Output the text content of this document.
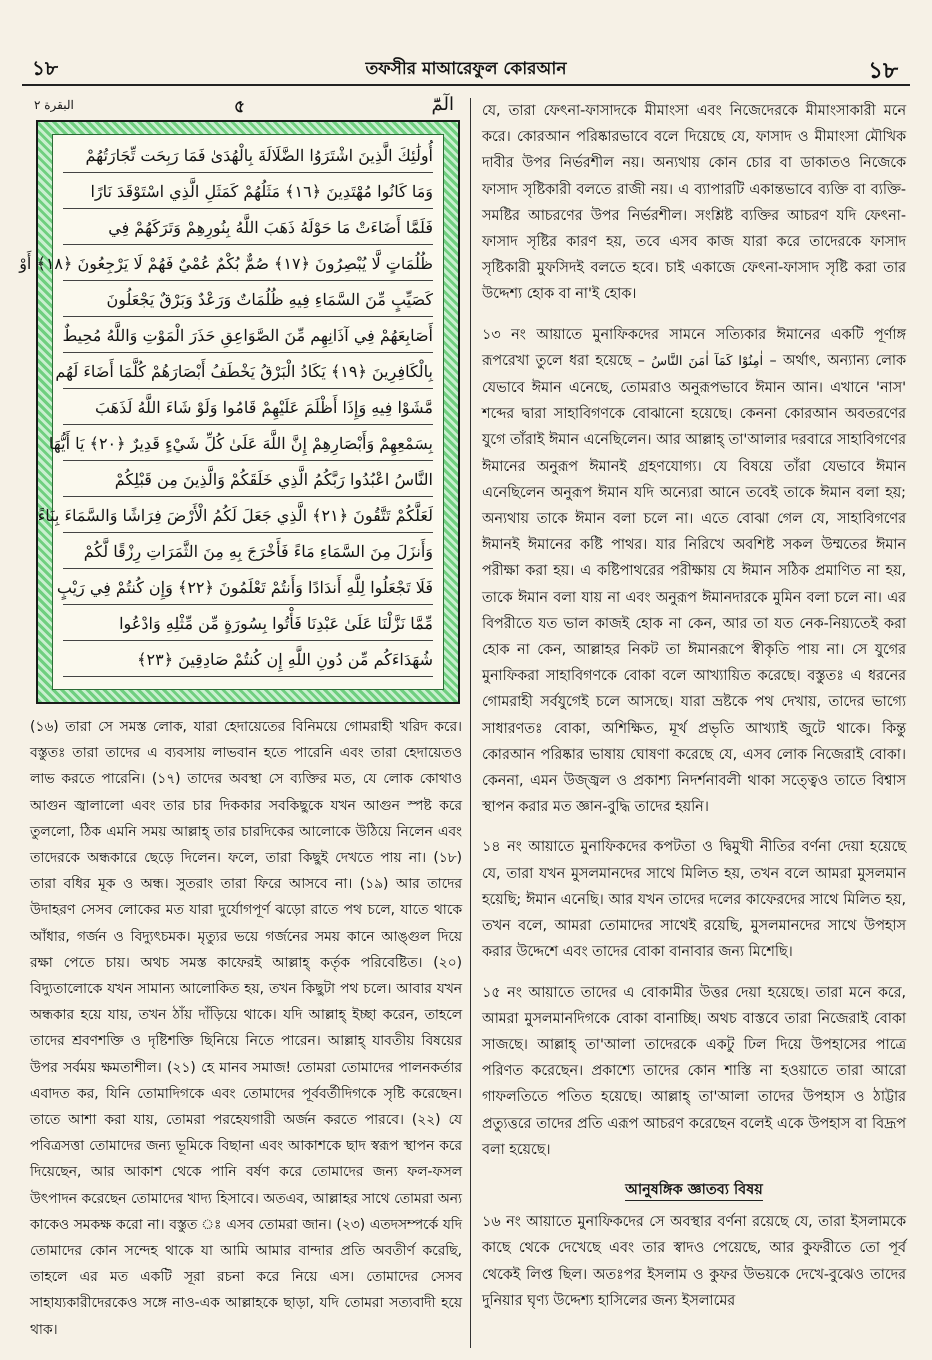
১৮	তফসীর মাআরেফুল কোরআন	১৮
البقرة ٢	৫	الٓمّٓ
أُولَٰئِكَ الَّذِينَ اشْتَرَوُا الضَّلَالَةَ بِالْهُدَىٰ فَمَا رَبِحَت تِّجَارَتُهُمْ
وَمَا كَانُوا مُهْتَدِينَ ﴿١٦﴾ مَثَلُهُمْ كَمَثَلِ الَّذِي اسْتَوْقَدَ نَارًا
فَلَمَّا أَضَاءَتْ مَا حَوْلَهُ ذَهَبَ اللَّهُ بِنُورِهِمْ وَتَرَكَهُمْ فِي
ظُلُمَاتٍ لَّا يُبْصِرُونَ ﴿١٧﴾ صُمٌّ بُكْمٌ عُمْيٌ فَهُمْ لَا يَرْجِعُونَ ﴿١٨﴾ أَوْ
كَصَيِّبٍ مِّنَ السَّمَاءِ فِيهِ ظُلُمَاتٌ وَرَعْدٌ وَبَرْقٌ يَجْعَلُونَ
أَصَابِعَهُمْ فِي آذَانِهِم مِّنَ الصَّوَاعِقِ حَذَرَ الْمَوْتِ وَاللَّهُ مُحِيطٌ
بِالْكَافِرِينَ ﴿١٩﴾ يَكَادُ الْبَرْقُ يَخْطَفُ أَبْصَارَهُمْ كُلَّمَا أَضَاءَ لَهُم
مَّشَوْا فِيهِ وَإِذَا أَظْلَمَ عَلَيْهِمْ قَامُوا وَلَوْ شَاءَ اللَّهُ لَذَهَبَ
بِسَمْعِهِمْ وَأَبْصَارِهِمْ إِنَّ اللَّهَ عَلَىٰ كُلِّ شَيْءٍ قَدِيرٌ ﴿٢٠﴾ يَا أَيُّهَا
النَّاسُ اعْبُدُوا رَبَّكُمُ الَّذِي خَلَقَكُمْ وَالَّذِينَ مِن قَبْلِكُمْ
لَعَلَّكُمْ تَتَّقُونَ ﴿٢١﴾ الَّذِي جَعَلَ لَكُمُ الْأَرْضَ فِرَاشًا وَالسَّمَاءَ بِنَاءً
وَأَنزَلَ مِنَ السَّمَاءِ مَاءً فَأَخْرَجَ بِهِ مِنَ الثَّمَرَاتِ رِزْقًا لَّكُمْ
فَلَا تَجْعَلُوا لِلَّهِ أَندَادًا وَأَنتُمْ تَعْلَمُونَ ﴿٢٢﴾ وَإِن كُنتُمْ فِي رَيْبٍ
مِّمَّا نَزَّلْنَا عَلَىٰ عَبْدِنَا فَأْتُوا بِسُورَةٍ مِّن مِّثْلِهِ وَادْعُوا
شُهَدَاءَكُم مِّن دُونِ اللَّهِ إِن كُنتُمْ صَادِقِينَ ﴿٢٣﴾

(১৬) তারা সে সমস্ত লোক, যারা হেদায়েতের বিনিময়ে গোমরাহী খরিদ করে। বস্তুতঃ তারা তাদের এ ব্যবসায় লাভবান হতে পারেনি এবং তারা হেদায়েতও লাভ করতে পারেনি। (১৭) তাদের অবস্থা সে ব্যক্তির মত, যে লোক কোথাও আগুন জ্বালালো এবং তার চার দিককার সবকিছুকে যখন আগুন স্পষ্ট করে তুললো, ঠিক এমনি সময় আল্লাহ্ তার চারদিকের আলোকে উঠিয়ে নিলেন এবং তাদেরকে অন্ধকারে ছেড়ে দিলেন। ফলে, তারা কিছুই দেখতে পায় না। (১৮) তারা বধির মূক ও অন্ধ। সুতরাং তারা ফিরে আসবে না। (১৯) আর তাদের উদাহরণ সেসব লোকের মত যারা দুর্যোগপূর্ণ ঝড়ো রাতে পথ চলে, যাতে থাকে আঁধার, গর্জন ও বিদ্যুৎচমক। মৃত্যুর ভয়ে গর্জনের সময় কানে আঙ্গুল দিয়ে রক্ষা পেতে চায়। অথচ সমস্ত কাফেরই আল্লাহ্ কর্তৃক পরিবেষ্টিত। (২০) বিদ্যুতালোকে যখন সামান্য আলোকিত হয়, তখন কিছুটা পথ চলে। আবার যখন অন্ধকার হয়ে যায়, তখন ঠাঁয় দাঁড়িয়ে থাকে। যদি আল্লাহ্ ইচ্ছা করেন, তাহলে তাদের শ্রবণশক্তি ও দৃষ্টিশক্তি ছিনিয়ে নিতে পারেন। আল্লাহ্ যাবতীয় বিষয়ের উপর সর্বময় ক্ষমতাশীল। (২১) হে মানব সমাজ! তোমরা তোমাদের পালনকর্তার এবাদত কর, যিনি তোমাদিগকে এবং তোমাদের পূর্ববর্তীদিগকে সৃষ্টি করেছেন। তাতে আশা করা যায়, তোমরা পরহেযগারী অর্জন করতে পারবে। (২২) যে পবিত্রসত্তা তোমাদের জন্য ভূমিকে বিছানা এবং আকাশকে ছাদ স্বরূপ স্থাপন করে দিয়েছেন, আর আকাশ থেকে পানি বর্ষণ করে তোমাদের জন্য ফল-ফসল উৎপাদন করেছেন তোমাদের খাদ্য হিসাবে। অতএব, আল্লাহর সাথে তোমরা অন্য কাকেও সমকক্ষ করো না। বস্তুত ঃ এসব তোমরা জান। (২৩) এতদসম্পর্কে যদি তোমাদের কোন সন্দেহ থাকে যা আমি আমার বান্দার প্রতি অবতীর্ণ করেছি, তাহলে এর মত একটি সূরা রচনা করে নিয়ে এস। তোমাদের সেসব সাহায্যকারীদেরকেও সঙ্গে নাও-এক আল্লাহকে ছাড়া, যদি তোমরা সত্যবাদী হয়ে থাক।

যে, তারা ফেৎনা-ফাসাদকে মীমাংসা এবং নিজেদেরকে মীমাংসাকারী মনে করে। কোরআন পরিষ্কারভাবে বলে দিয়েছে যে, ফাসাদ ও মীমাংসা মৌখিক দাবীর উপর নির্ভরশীল নয়। অন্যথায় কোন চোর বা ডাকাতও নিজেকে ফাসাদ সৃষ্টিকারী বলতে রাজী নয়। এ ব্যাপারটি একান্তভাবে ব্যক্তি বা ব্যক্তি-সমষ্টির আচরণের উপর নির্ভরশীল। সংশ্লিষ্ট ব্যক্তির আচরণ যদি ফেৎনা-ফাসাদ সৃষ্টির কারণ হয়, তবে এসব কাজ যারা করে তাদেরকে ফাসাদ সৃষ্টিকারী মুফসিদই বলতে হবে। চাই একাজে ফেৎনা-ফাসাদ সৃষ্টি করা তার উদ্দেশ্য হোক বা না'ই হোক।

১৩ নং আয়াতে মুনাফিকদের সামনে সত্যিকার ঈমানের একটি পূর্ণাঙ্গ রূপরেখা তুলে ধরা হয়েছে – اٰمِنُوْا كَمَآ اٰمَنَ النَّاسُ – অর্থাৎ, অন্যান্য লোক যেভাবে ঈমান এনেছে, তোমরাও অনুরূপভাবে ঈমান আন। এখানে 'নাস' শব্দের দ্বারা সাহাবিগণকে বোঝানো হয়েছে। কেননা কোরআন অবতরণের যুগে তাঁরাই ঈমান এনেছিলেন। আর আল্লাহ্ তা'আলার দরবারে সাহাবিগণের ঈমানের অনুরূপ ঈমানই গ্রহণযোগ্য। যে বিষয়ে তাঁরা যেভাবে ঈমান এনেছিলেন অনুরূপ ঈমান যদি অন্যেরা আনে তবেই তাকে ঈমান বলা হয়; অন্যথায় তাকে ঈমান বলা চলে না। এতে বোঝা গেল যে, সাহাবিগণের ঈমানই ঈমানের কষ্টি পাথর। যার নিরিখে অবশিষ্ট সকল উম্মতের ঈমান পরীক্ষা করা হয়। এ কষ্টিপাথরের পরীক্ষায় যে ঈমান সঠিক প্রমাণিত না হয়, তাকে ঈমান বলা যায় না এবং অনুরূপ ঈমানদারকে মুমিন বলা চলে না। এর বিপরীতে যত ভাল কাজই হোক না কেন, আর তা যত নেক-নিয়্যতেই করা হোক না কেন, আল্লাহর নিকট তা ঈমানরূপে স্বীকৃতি পায় না। সে যুগের মুনাফিকরা সাহাবিগণকে বোকা বলে আখ্যায়িত করেছে। বস্তুতঃ এ ধরনের গোমরাহী সর্বযুগেই চলে আসছে। যারা ভ্রষ্টকে পথ দেখায়, তাদের ভাগ্যে সাধারণতঃ বোকা, অশিক্ষিত, মূর্খ প্রভৃতি আখ্যাই জুটে থাকে। কিন্তু কোরআন পরিষ্কার ভাষায় ঘোষণা করেছে যে, এসব লোক নিজেরাই বোকা। কেননা, এমন উজ্জ্বল ও প্রকাশ্য নিদর্শনাবলী থাকা সত্ত্বেও তাতে বিশ্বাস স্থাপন করার মত জ্ঞান-বুদ্ধি তাদের হয়নি।

১৪ নং আয়াতে মুনাফিকদের কপটতা ও দ্বিমুখী নীতির বর্ণনা দেয়া হয়েছে যে, তারা যখন মুসলমানদের সাথে মিলিত হয়, তখন বলে আমরা মুসলমান হয়েছি; ঈমান এনেছি। আর যখন তাদের দলের কাফেরদের সাথে মিলিত হয়, তখন বলে, আমরা তোমাদের সাথেই রয়েছি, মুসলমানদের সাথে উপহাস করার উদ্দেশে এবং তাদের বোকা বানাবার জন্য মিশেছি।

১৫ নং আয়াতে তাদের এ বোকামীর উত্তর দেয়া হয়েছে। তারা মনে করে, আমরা মুসলমানদিগকে বোকা বানাচ্ছি। অথচ বাস্তবে তারা নিজেরাই বোকা সাজছে। আল্লাহ্ তা'আলা তাদেরকে একটু ঢিল দিয়ে উপহাসের পাত্রে পরিণত করেছেন। প্রকাশ্যে তাদের কোন শাস্তি না হওয়াতে তারা আরো গাফলতিতে পতিত হয়েছে। আল্লাহ্ তা'আলা তাদের উপহাস ও ঠাট্টার প্রত্যুত্তরে তাদের প্রতি এরূপ আচরণ করেছেন বলেই একে উপহাস বা বিদ্রূপ বলা হয়েছে।

আনুষঙ্গিক জ্ঞাতব্য বিষয়

১৬ নং আয়াতে মুনাফিকদের সে অবস্থার বর্ণনা রয়েছে যে, তারা ইসলামকে কাছে থেকে দেখেছে এবং তার স্বাদও পেয়েছে, আর কুফরীতে তো পূর্ব থেকেই লিপ্ত ছিল। অতঃপর ইসলাম ও কুফর উভয়কে দেখে-বুঝেও তাদের দুনিয়ার ঘৃণ্য উদ্দেশ্য হাসিলের জন্য ইসলামের
